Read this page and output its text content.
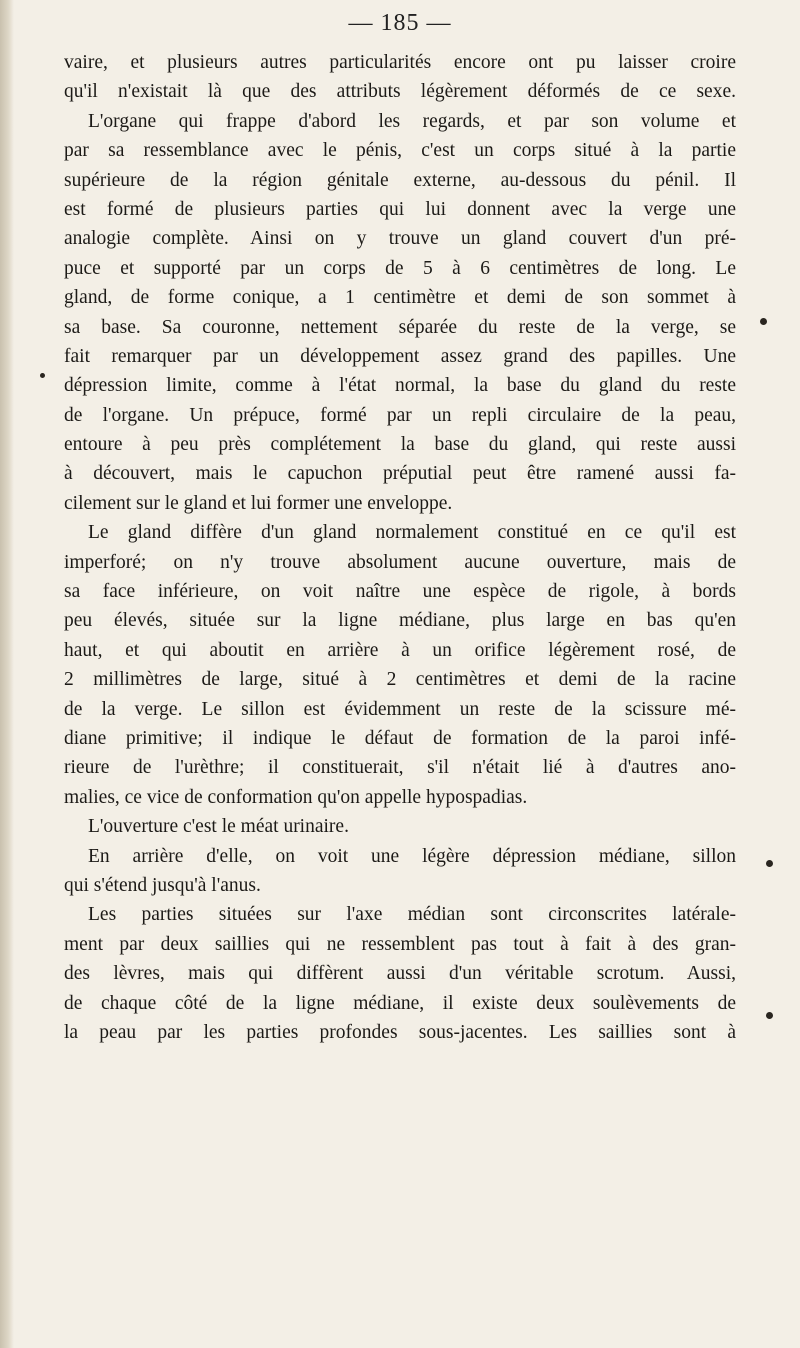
— 185 —
vaire, et plusieurs autres particularités encore ont pu laisser croire
qu'il n'existait là que des attributs légèrement déformés de ce sexe.
L'organe qui frappe d'abord les regards, et par son volume et
par sa ressemblance avec le pénis, c'est un corps situé à la partie
supérieure de la région génitale externe, au-dessous du pénil. Il
est formé de plusieurs parties qui lui donnent avec la verge une
analogie complète. Ainsi on y trouve un gland couvert d'un pré-
puce et supporté par un corps de 5 à 6 centimètres de long. Le
gland, de forme conique, a 1 centimètre et demi de son sommet à
sa base. Sa couronne, nettement séparée du reste de la verge, se
fait remarquer par un développement assez grand des papilles. Une
dépression limite, comme à l'état normal, la base du gland du reste
de l'organe. Un prépuce, formé par un repli circulaire de la peau,
entoure à peu près complétement la base du gland, qui reste aussi
à découvert, mais le capuchon préputial peut être ramené aussi fa-
cilement sur le gland et lui former une enveloppe.
Le gland diffère d'un gland normalement constitué en ce qu'il est
imperforé; on n'y trouve absolument aucune ouverture, mais de
sa face inférieure, on voit naître une espèce de rigole, à bords
peu élevés, située sur la ligne médiane, plus large en bas qu'en
haut, et qui aboutit en arrière à un orifice légèrement rosé, de
2 millimètres de large, situé à 2 centimètres et demi de la racine
de la verge. Le sillon est évidemment un reste de la scissure mé-
diane primitive; il indique le défaut de formation de la paroi infé-
rieure de l'urèthre; il constituerait, s'il n'était lié à d'autres ano-
malies, ce vice de conformation qu'on appelle hypospadias.
L'ouverture c'est le méat urinaire.
En arrière d'elle, on voit une légère dépression médiane, sillon
qui s'étend jusqu'à l'anus.
Les parties situées sur l'axe médian sont circonscrites latérale-
ment par deux saillies qui ne ressemblent pas tout à fait à des gran-
des lèvres, mais qui diffèrent aussi d'un véritable scrotum. Aussi,
de chaque côté de la ligne médiane, il existe deux soulèvements de
la peau par les parties profondes sous-jacentes. Les saillies sont à
